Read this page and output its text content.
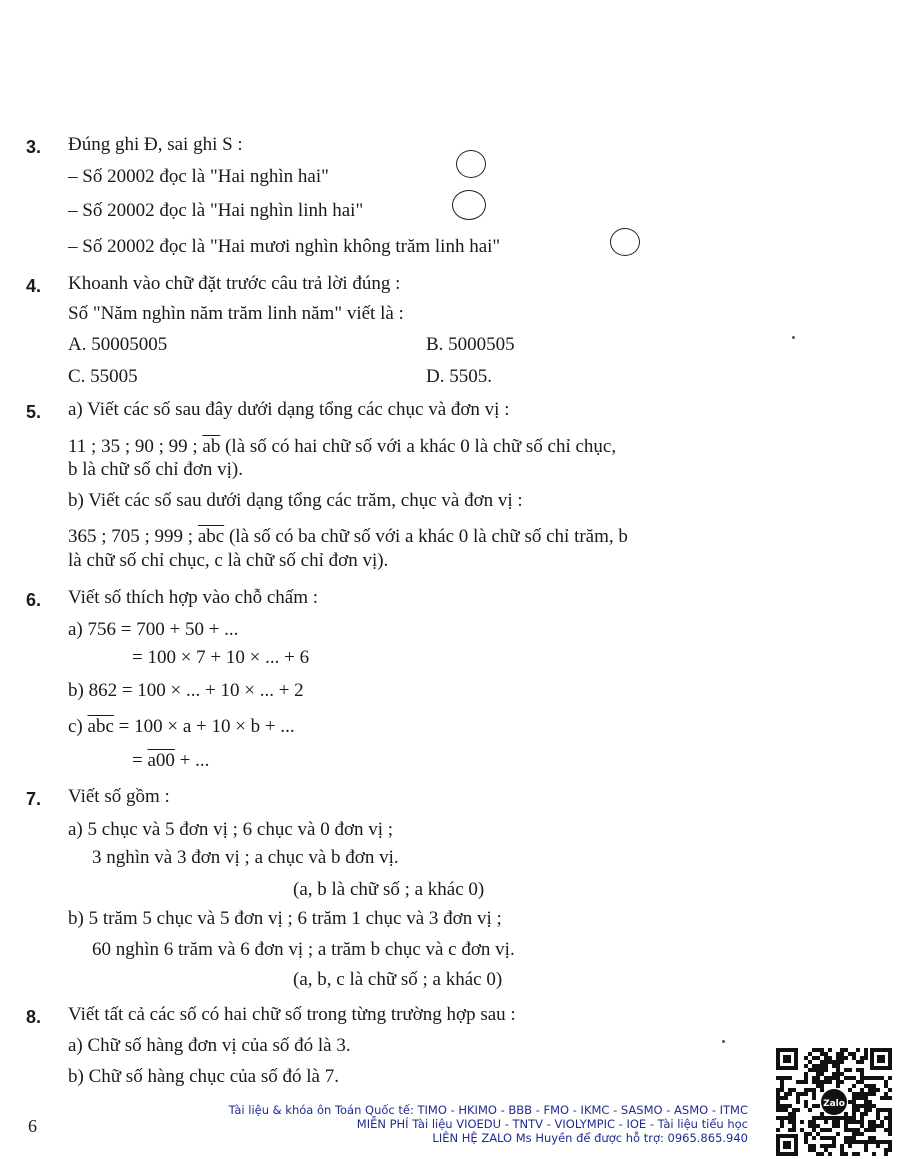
3. Đúng ghi Đ, sai ghi S :
– Số 20002 đọc là "Hai nghìn hai"
– Số 20002 đọc là "Hai nghìn linh hai"
– Số 20002 đọc là "Hai mươi nghìn không trăm linh hai"
4. Khoanh vào chữ đặt trước câu trả lời đúng :
Số "Năm nghìn năm trăm linh năm" viết là :
A. 50005005	B. 5000505
C. 55005	D. 5505.
5. a) Viết các số sau đây dưới dạng tổng các chục và đơn vị :
11 ; 35 ; 90 ; 99 ; $\overline{ab}$ (là số có hai chữ số với a khác 0 là chữ số chỉ chục,
b là chữ số chỉ đơn vị).
b) Viết các số sau dưới dạng tổng các trăm, chục và đơn vị :
365 ; 705 ; 999 ; $\overline{abc}$ (là số có ba chữ số với a khác 0 là chữ số chỉ trăm, b
là chữ số chỉ chục, c là chữ số chỉ đơn vị).
6. Viết số thích hợp vào chỗ chấm :
a) 756 = 700 + 50 + ...
= 100 × 7 + 10 × ... + 6
b) 862 = 100 × ... + 10 × ... + 2
c) $\overline{abc} = 100 \times a + 10 \times b$ + ...
= a00 + ...
7. Viết số gồm :
a) 5 chục và 5 đơn vị ; 6 chục và 0 đơn vị ;
3 nghìn và 3 đơn vị ; a chục và b đơn vị.
(a, b là chữ số ; a khác 0)
b) 5 trăm 5 chục và 5 đơn vị ; 6 trăm 1 chục và 3 đơn vị ;
60 nghìn 6 trăm và 6 đơn vị ; a trăm b chục và c đơn vị.
(a, b, c là chữ số ; a khác 0)
8. Viết tất cả các số có hai chữ số trong từng trường hợp sau :
a) Chữ số hàng đơn vị của số đó là 3.
b) Chữ số hàng chục của số đó là 7.
6
Tài liệu & khóa ôn Toán Quốc tế: TIMO - HKIMO - BBB - FMO - IKMC - SASMO - ASMO - ITMC
MIỄN PHÍ Tài liệu VIOEDU - TNTV - VIOLYMPIC - IOE - Tài liệu tiểu học
LIÊN HỆ ZALO Ms Huyền để được hỗ trợ: 0965.865.940
Zalo
